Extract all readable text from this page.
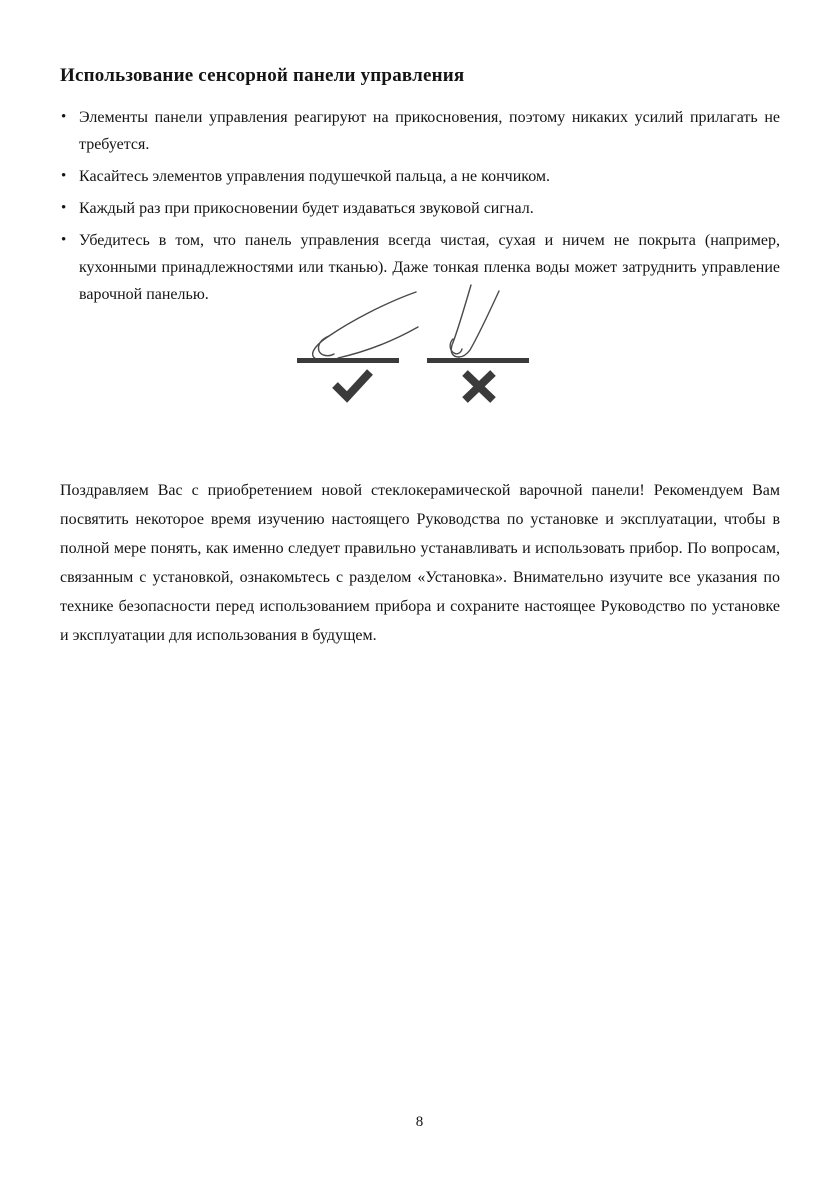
Использование сенсорной панели управления
• Элементы панели управления реагируют на прикосновения, поэтому никаких усилий прилагать не требуется.
• Касайтесь элементов управления подушечкой пальца, а не кончиком.
• Каждый раз при прикосновении будет издаваться звуковой сигнал.
• Убедитесь в том, что панель управления всегда чистая, сухая и ничем не покрыта (например, кухонными принадлежностями или тканью). Даже тонкая пленка воды может затруднить управление варочной панелью.

Поздравляем Вас с приобретением новой стеклокерамической варочной панели! Рекомендуем Вам посвятить некоторое время изучению настоящего Руководства по установке и эксплуатации, чтобы в полной мере понять, как именно следует правильно устанавливать и использовать прибор. По вопросам, связанным с установкой, ознакомьтесь с разделом «Установка». Внимательно изучите все указания по технике безопасности перед использованием прибора и сохраните настоящее Руководство по установке и эксплуатации для использования в будущем.

8
